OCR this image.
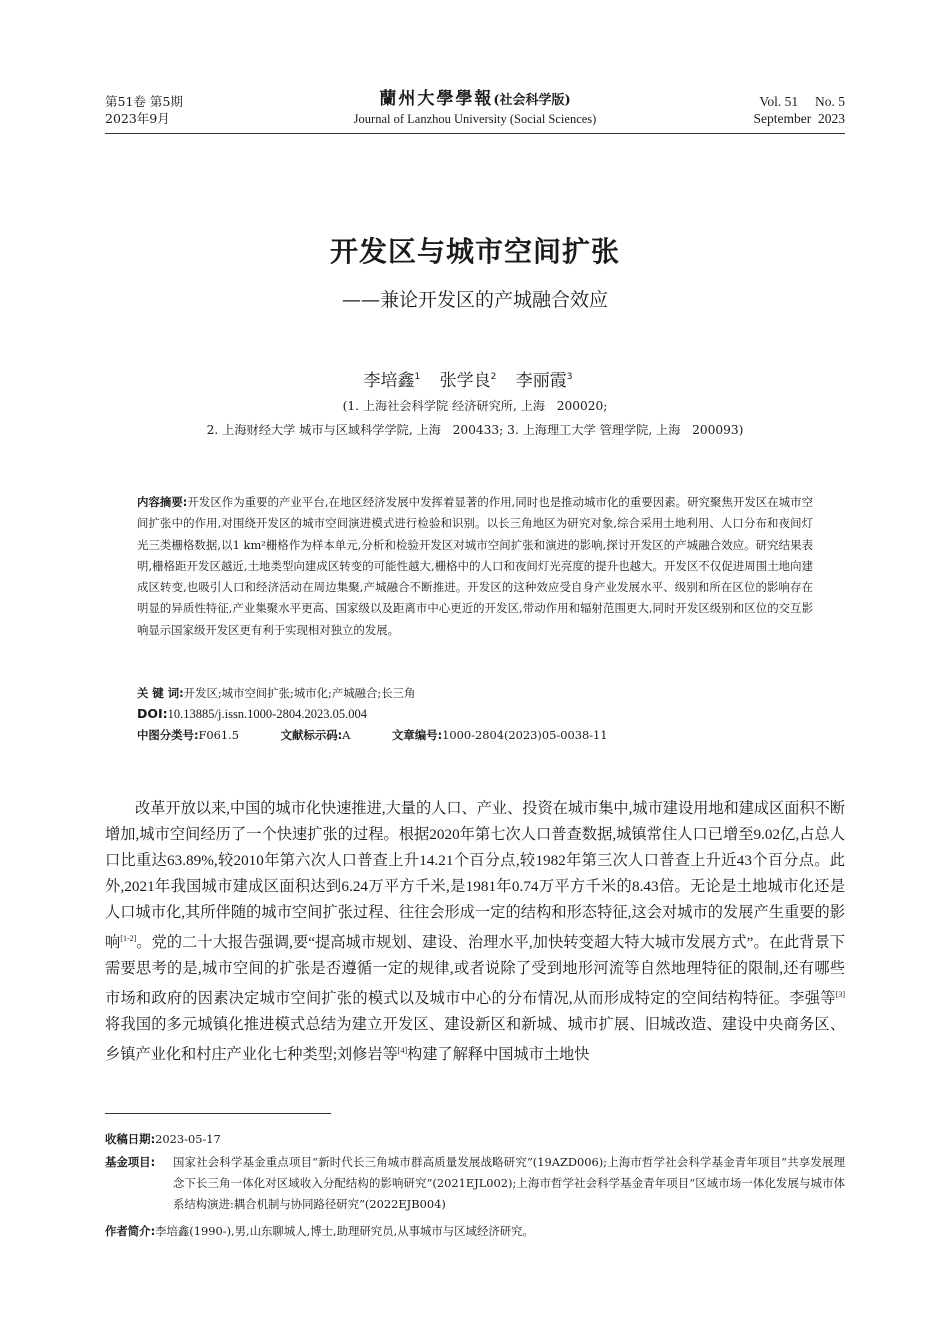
第51卷 第5期
2023年9月
蘭州大學學報(社会科学版)
Journal of Lanzhou University (Social Sciences)
Vol. 51     No. 5
September  2023
开发区与城市空间扩张
——兼论开发区的产城融合效应
李培鑫$^1$ 张学良$^2$ 李丽霞$^3$
(1. 上海社会科学院 经济研究所, 上海   200020;
2. 上海财经大学 城市与区域科学学院, 上海   200433; 3. 上海理工大学 管理学院, 上海   200093)
内容摘要:开发区作为重要的产业平台,在地区经济发展中发挥着显著的作用,同时也是推动城市化的重要因素。研究聚焦开发区在城市空间扩张中的作用,对围绕开发区的城市空间演进模式进行检验和识别。以长三角地区为研究对象,综合采用土地利用、人口分布和夜间灯光三类栅格数据,以1 km²栅格作为样本单元,分析和检验开发区对城市空间扩张和演进的影响,探讨开发区的产城融合效应。研究结果表明,栅格距开发区越近,土地类型向建成区转变的可能性越大,栅格中的人口和夜间灯光亮度的提升也越大。开发区不仅促进周围土地向建成区转变,也吸引人口和经济活动在周边集聚,产城融合不断推进。开发区的这种效应受自身产业发展水平、级别和所在区位的影响存在明显的异质性特征,产业集聚水平更高、国家级以及距离市中心更近的开发区,带动作用和辐射范围更大,同时开发区级别和区位的交互影响显示国家级开发区更有利于实现相对独立的发展。
关 键 词:开发区;城市空间扩张;城市化;产城融合;长三角
DOI:10.13885/j.issn.1000-2804.2023.05.004
中图分类号:F061.5	文献标示码:A	文章编号:1000-2804(2023)05-0038-11
改革开放以来,中国的城市化快速推进,大量的人口、产业、投资在城市集中,城市建设用地和建成区面积不断增加,城市空间经历了一个快速扩张的过程。根据2020年第七次人口普查数据,城镇常住人口已增至9.02亿,占总人口比重达63.89%,较2010年第六次人口普查上升14.21个百分点,较1982年第三次人口普查上升近43个百分点。此外,2021年我国城市建成区面积达到6.24万平方千米,是1981年0.74万平方千米的8.43倍。无论是土地城市化还是人口城市化,其所伴随的城市空间扩张过程、往往会形成一定的结构和形态特征,这会对城市的发展产生重要的影响[1-2]。党的二十大报告强调,要“提高城市规划、建设、治理水平,加快转变超大特大城市发展方式”。在此背景下需要思考的是,城市空间的扩张是否遵循一定的规律,或者说除了受到地形河流等自然地理特征的限制,还有哪些市场和政府的因素决定城市空间扩张的模式以及城市中心的分布情况,从而形成特定的空间结构特征。李强等[3]将我国的多元城镇化推进模式总结为建立开发区、建设新区和新城、城市扩展、旧城改造、建设中央商务区、乡镇产业化和村庄产业化七种类型;刘修岩等[4]构建了解释中国城市土地快
收稿日期:2023-05-17
基金项目: 国家社会科学基金重点项目“新时代长三角城市群高质量发展战略研究”(19AZD006);上海市哲学社会科学基金青年项目“共享发展理念下长三角一体化对区域收入分配结构的影响研究”(2021EJL002);上海市哲学社会科学基金青年项目“区域市场一体化发展与城市体系结构演进:耦合机制与协同路径研究”(2022EJB004)
作者简介:李培鑫(1990-),男,山东聊城人,博士,助理研究员,从事城市与区域经济研究。
